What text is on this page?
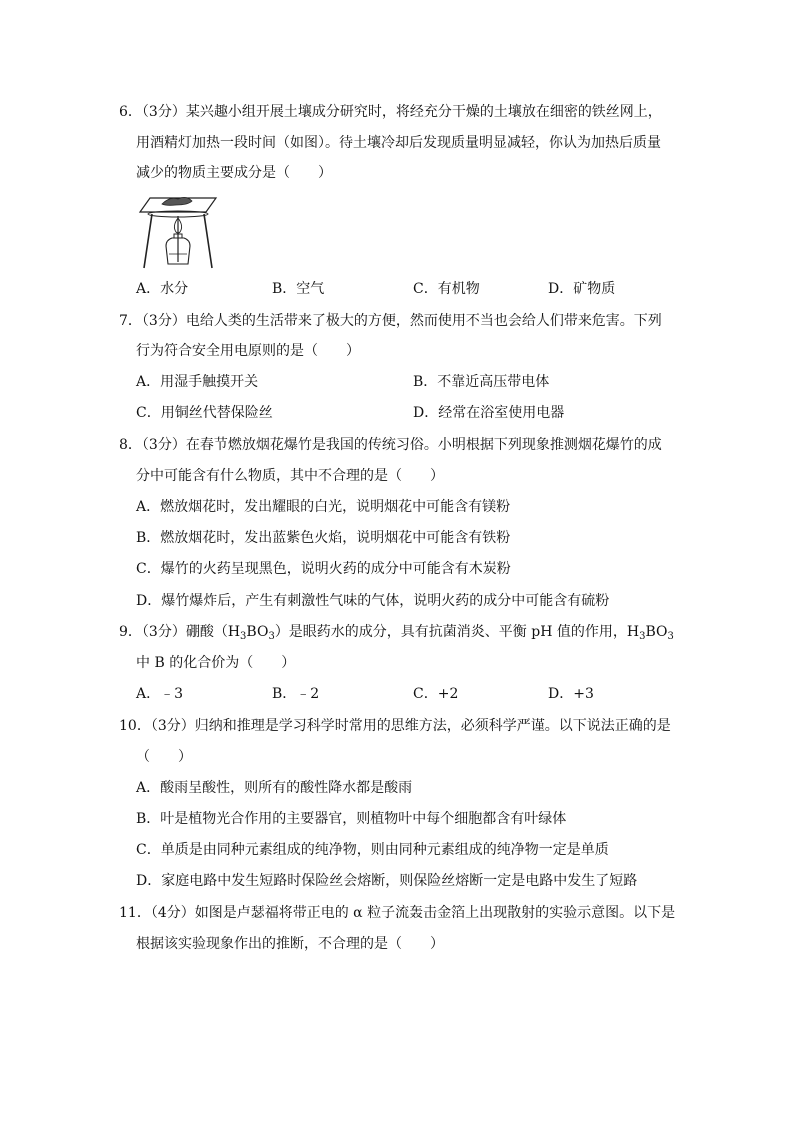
6．（3分）某兴趣小组开展土壤成分研究时，将经充分干燥的土壤放在细密的铁丝网上，
用酒精灯加热一段时间（如图）。待土壤冷却后发现质量明显减轻，你认为加热后质量
减少的物质主要成分是（　　）
A．水分	B．空气	C．有机物	D．矿物质
7．（3分）电给人类的生活带来了极大的方便，然而使用不当也会给人们带来危害。下列
行为符合安全用电原则的是（　　）
A．用湿手触摸开关	B．不靠近高压带电体
C．用铜丝代替保险丝	D．经常在浴室使用电器
8．（3分）在春节燃放烟花爆竹是我国的传统习俗。小明根据下列现象推测烟花爆竹的成
分中可能含有什么物质，其中不合理的是（　　）
A．燃放烟花时，发出耀眼的白光，说明烟花中可能含有镁粉
B．燃放烟花时，发出蓝紫色火焰，说明烟花中可能含有铁粉
C．爆竹的火药呈现黑色，说明火药的成分中可能含有木炭粉
D．爆竹爆炸后，产生有刺激性气味的气体，说明火药的成分中可能含有硫粉
9．（3分）硼酸$(H_3BO_3)$是眼药水的成分，具有抗菌消炎、平衡 pH 值的作用，$H_3BO_3$
中 B 的化合价为（　　）
A．﹣3	B．﹣2	C．+2	D．+3
10．（3分）归纳和推理是学习科学时常用的思维方法，必须科学严谨。以下说法正确的是
（　　）
A．酸雨呈酸性，则所有的酸性降水都是酸雨
B．叶是植物光合作用的主要器官，则植物叶中每个细胞都含有叶绿体
C．单质是由同种元素组成的纯净物，则由同种元素组成的纯净物一定是单质
D．家庭电路中发生短路时保险丝会熔断，则保险丝熔断一定是电路中发生了短路
11．（4分）如图是卢瑟福将带正电的 α 粒子流轰击金箔上出现散射的实验示意图。以下是
根据该实验现象作出的推断，不合理的是（　　）
